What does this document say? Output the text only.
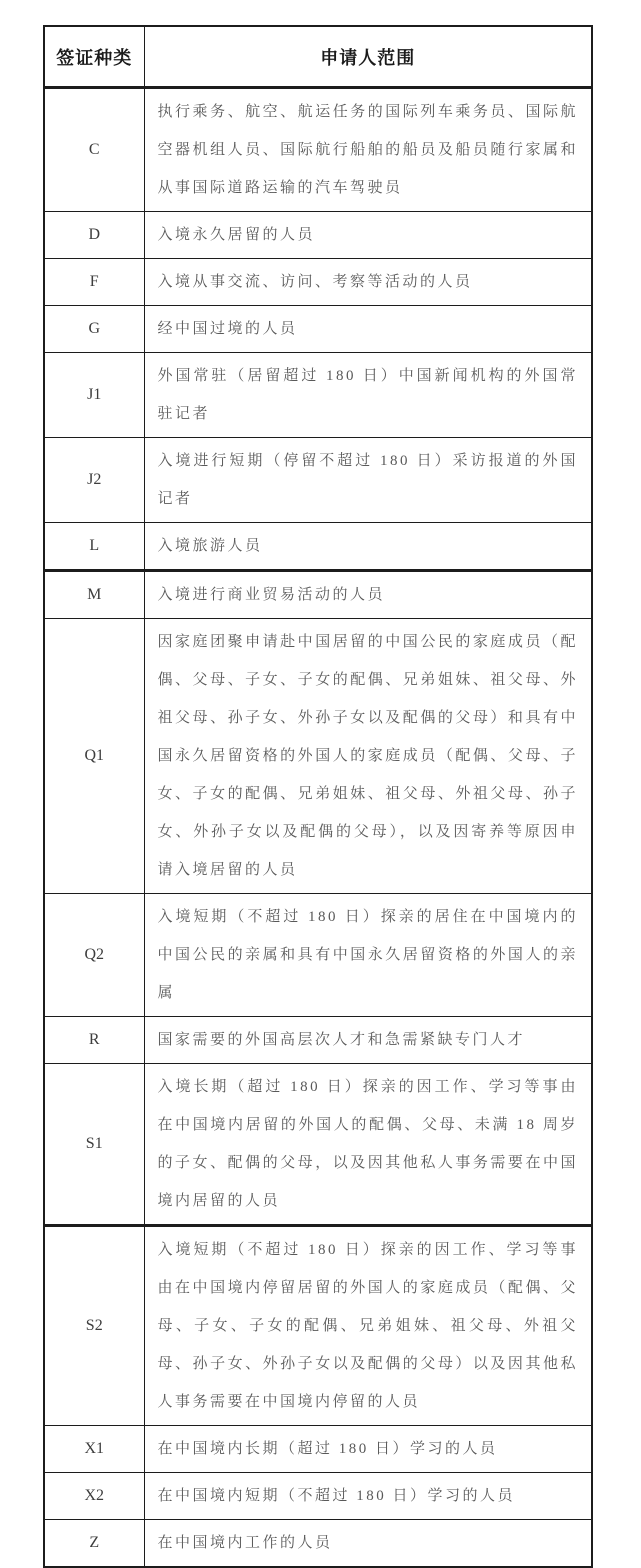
签证种类	申请人范围
C	执行乘务、航空、航运任务的国际列车乘务员、国际航空器机组人员、国际航行船舶的船员及船员随行家属和从事国际道路运输的汽车驾驶员
D	入境永久居留的人员
F	入境从事交流、访问、考察等活动的人员
G	经中国过境的人员
J1	外国常驻（居留超过 180 日）中国新闻机构的外国常驻记者
J2	入境进行短期（停留不超过 180 日）采访报道的外国记者
L	入境旅游人员
M	入境进行商业贸易活动的人员
Q1	因家庭团聚申请赴中国居留的中国公民的家庭成员（配偶、父母、子女、子女的配偶、兄弟姐妹、祖父母、外祖父母、孙子女、外孙子女以及配偶的父母）和具有中国永久居留资格的外国人的家庭成员（配偶、父母、子女、子女的配偶、兄弟姐妹、祖父母、外祖父母、孙子女、外孙子女以及配偶的父母），以及因寄养等原因申请入境居留的人员
Q2	入境短期（不超过 180 日）探亲的居住在中国境内的中国公民的亲属和具有中国永久居留资格的外国人的亲属
R	国家需要的外国高层次人才和急需紧缺专门人才
S1	入境长期（超过 180 日）探亲的因工作、学习等事由在中国境内居留的外国人的配偶、父母、未满 18 周岁的子女、配偶的父母，以及因其他私人事务需要在中国境内居留的人员
S2	入境短期（不超过 180 日）探亲的因工作、学习等事由在中国境内停留居留的外国人的家庭成员（配偶、父母、子女、子女的配偶、兄弟姐妹、祖父母、外祖父母、孙子女、外孙子女以及配偶的父母）以及因其他私人事务需要在中国境内停留的人员
X1	在中国境内长期（超过 180 日）学习的人员
X2	在中国境内短期（不超过 180 日）学习的人员
Z	在中国境内工作的人员
